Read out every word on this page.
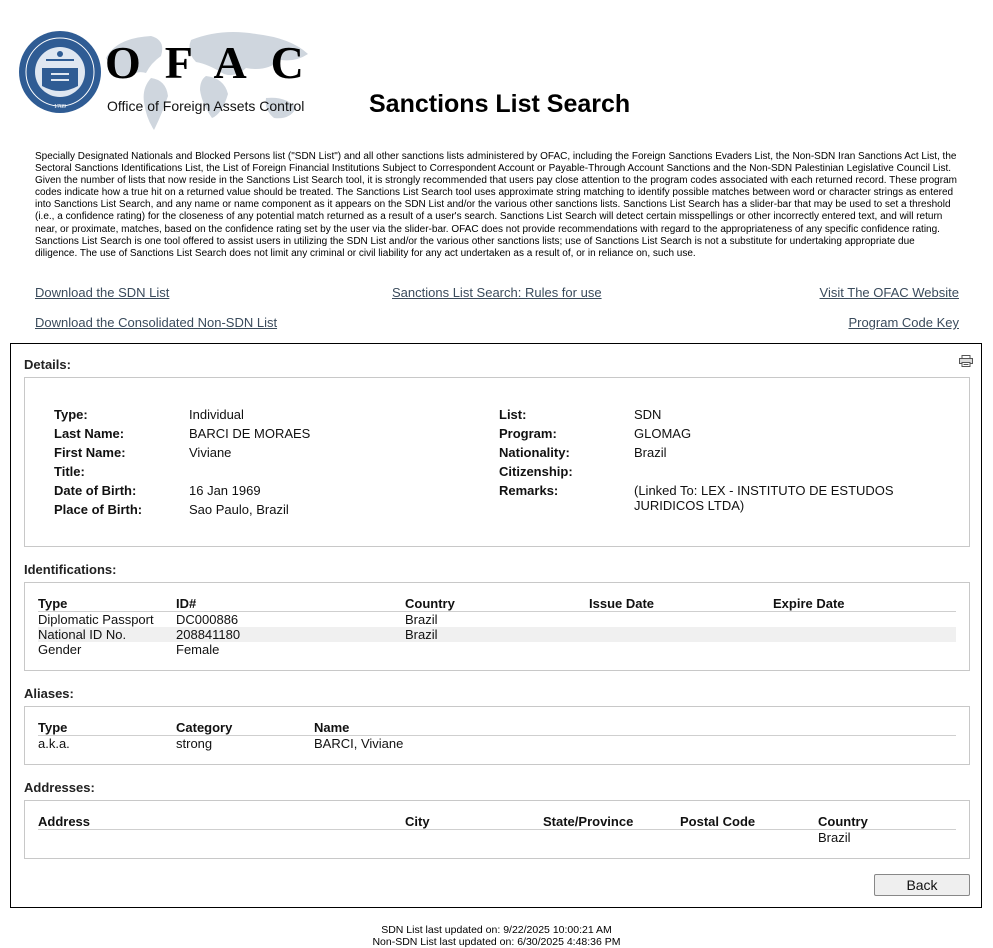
1789
OFAC
Office of Foreign Assets Control	Sanctions List Search

Specially Designated Nationals and Blocked Persons list ("SDN List") and all other sanctions lists administered by OFAC, including the Foreign Sanctions Evaders List, the Non-SDN Iran Sanctions Act List, the Sectoral Sanctions Identifications List, the List of Foreign Financial Institutions Subject to Correspondent Account or Payable-Through Account Sanctions and the Non-SDN Palestinian Legislative Council List. Given the number of lists that now reside in the Sanctions List Search tool, it is strongly recommended that users pay close attention to the program codes associated with each returned record. These program codes indicate how a true hit on a returned value should be treated. The Sanctions List Search tool uses approximate string matching to identify possible matches between word or character strings as entered into Sanctions List Search, and any name or name component as it appears on the SDN List and/or the various other sanctions lists. Sanctions List Search has a slider-bar that may be used to set a threshold (i.e., a confidence rating) for the closeness of any potential match returned as a result of a user's search. Sanctions List Search will detect certain misspellings or other incorrectly entered text, and will return near, or proximate, matches, based on the confidence rating set by the user via the slider-bar. OFAC does not provide recommendations with regard to the appropriateness of any specific confidence rating. Sanctions List Search is one tool offered to assist users in utilizing the SDN List and/or the various other sanctions lists; use of Sanctions List Search is not a substitute for undertaking appropriate due diligence. The use of Sanctions List Search does not limit any criminal or civil liability for any act undertaken as a result of, or in reliance on, such use.

Download the SDN List	Sanctions List Search: Rules for use	Visit The OFAC Website
Download the Consolidated Non-SDN List	Program Code Key
Details:
Type:	Individual
Last Name:	BARCI DE MORAES
First Name:	Viviane
Title:
Date of Birth:	16 Jan 1969
Place of Birth:	Sao Paulo, Brazil
List:	SDN
Program:	GLOMAG
Nationality:	Brazil
Citizenship:
Remarks:	(Linked To: LEX - INSTITUTO DE ESTUDOS
JURIDICOS LTDA)
Identifications:
Type	ID#	Country	Issue Date	Expire Date
Diplomatic Passport	DC000886	Brazil		
National ID No.	208841180	Brazil		
Gender	Female			
Aliases:
Type	Category	Name
a.k.a.	strong	BARCI, Viviane
Addresses:
Address	City	State/Province	Postal Code	Country
				Brazil
Back
SDN List last updated on: 9/22/2025 10:00:21 AM
Non-SDN List last updated on: 6/30/2025 4:48:36 PM
